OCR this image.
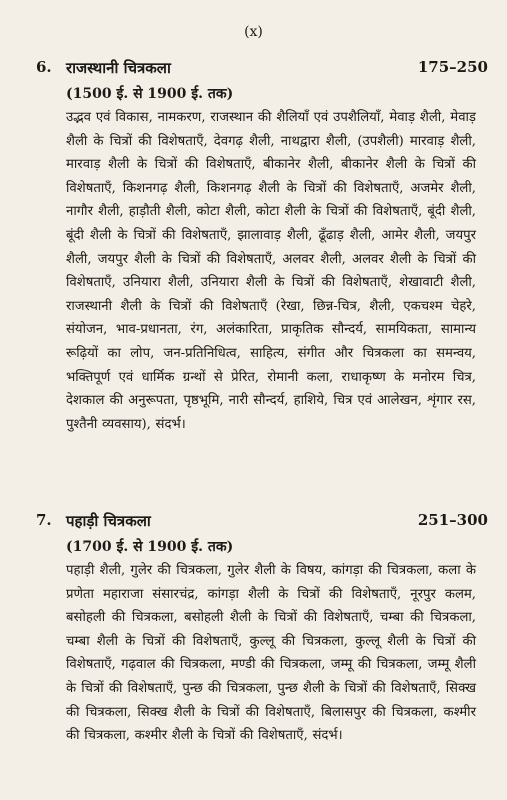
(x)
6. राजस्थानी चित्रकला	175–250
(1500 ई. से 1900 ई. तक)
उद्भव एवं विकास, नामकरण, राजस्थान की शैलियाँ एवं उपशैलियाँ, मेवाड़ शैली, मेवाड़ शैली के चित्रों की विशेषताएँ, देवगढ़ शैली, नाथद्वारा शैली, (उपशैली) मारवाड़ शैली, मारवाड़ शैली के चित्रों की विशेषताएँ, बीकानेर शैली, बीकानेर शैली के चित्रों की विशेषताएँ, किशनगढ़ शैली, किशनगढ़ शैली के चित्रों की विशेषताएँ, अजमेर शैली, नागौर शैली, हाड़ौती शैली, कोटा शैली, कोटा शैली के चित्रों की विशेषताएँ, बूंदी शैली, बूंदी शैली के चित्रों की विशेषताएँ, झालावाड़ शैली, ढूँढाड़ शैली, आमेर शैली, जयपुर शैली, जयपुर शैली के चित्रों की विशेषताएँ, अलवर शैली, अलवर शैली के चित्रों की विशेषताएँ, उनियारा शैली, उनियारा शैली के चित्रों की विशेषताएँ, शेखावाटी शैली, राजस्थानी शैली के चित्रों की विशेषताएँ (रेखा, छिन्न-चित्र, शैली, एकचश्म चेहरे, संयोजन, भाव-प्रधानता, रंग, अलंकारिता, प्राकृतिक सौन्दर्य, सामयिकता, सामान्य रूढ़ियों का लोप, जन-प्रतिनिधित्व, साहित्य, संगीत और चित्रकला का समन्वय, भक्तिपूर्ण एवं धार्मिक ग्रन्थों से प्रेरित, रोमानी कला, राधाकृष्ण के मनोरम चित्र, देशकाल की अनुरूपता, पृष्ठभूमि, नारी सौन्दर्य, हाशिये, चित्र एवं आलेखन, शृंगार रस, पुश्तैनी व्यवसाय), संदर्भ।
7. पहाड़ी चित्रकला	251–300
(1700 ई. से 1900 ई. तक)
पहाड़ी शैली, गुलेर की चित्रकला, गुलेर शैली के विषय, कांगड़ा की चित्रकला, कला के प्रणेता महाराजा संसारचंद्र, कांगड़ा शैली के चित्रों की विशेषताएँ, नूरपुर कलम, बसोहली की चित्रकला, बसोहली शैली के चित्रों की विशेषताएँ, चम्बा की चित्रकला, चम्बा शैली के चित्रों की विशेषताएँ, कुल्लू की चित्रकला, कुल्लू शैली के चित्रों की विशेषताएँ, गढ़वाल की चित्रकला, मण्डी की चित्रकला, जम्मू की चित्रकला, जम्मू शैली के चित्रों की विशेषताएँ, पुन्छ की चित्रकला, पुन्छ शैली के चित्रों की विशेषताएँ, सिक्ख की चित्रकला, सिक्ख शैली के चित्रों की विशेषताएँ, बिलासपुर की चित्रकला, कश्मीर की चित्रकला, कश्मीर शैली के चित्रों की विशेषताएँ, संदर्भ।
